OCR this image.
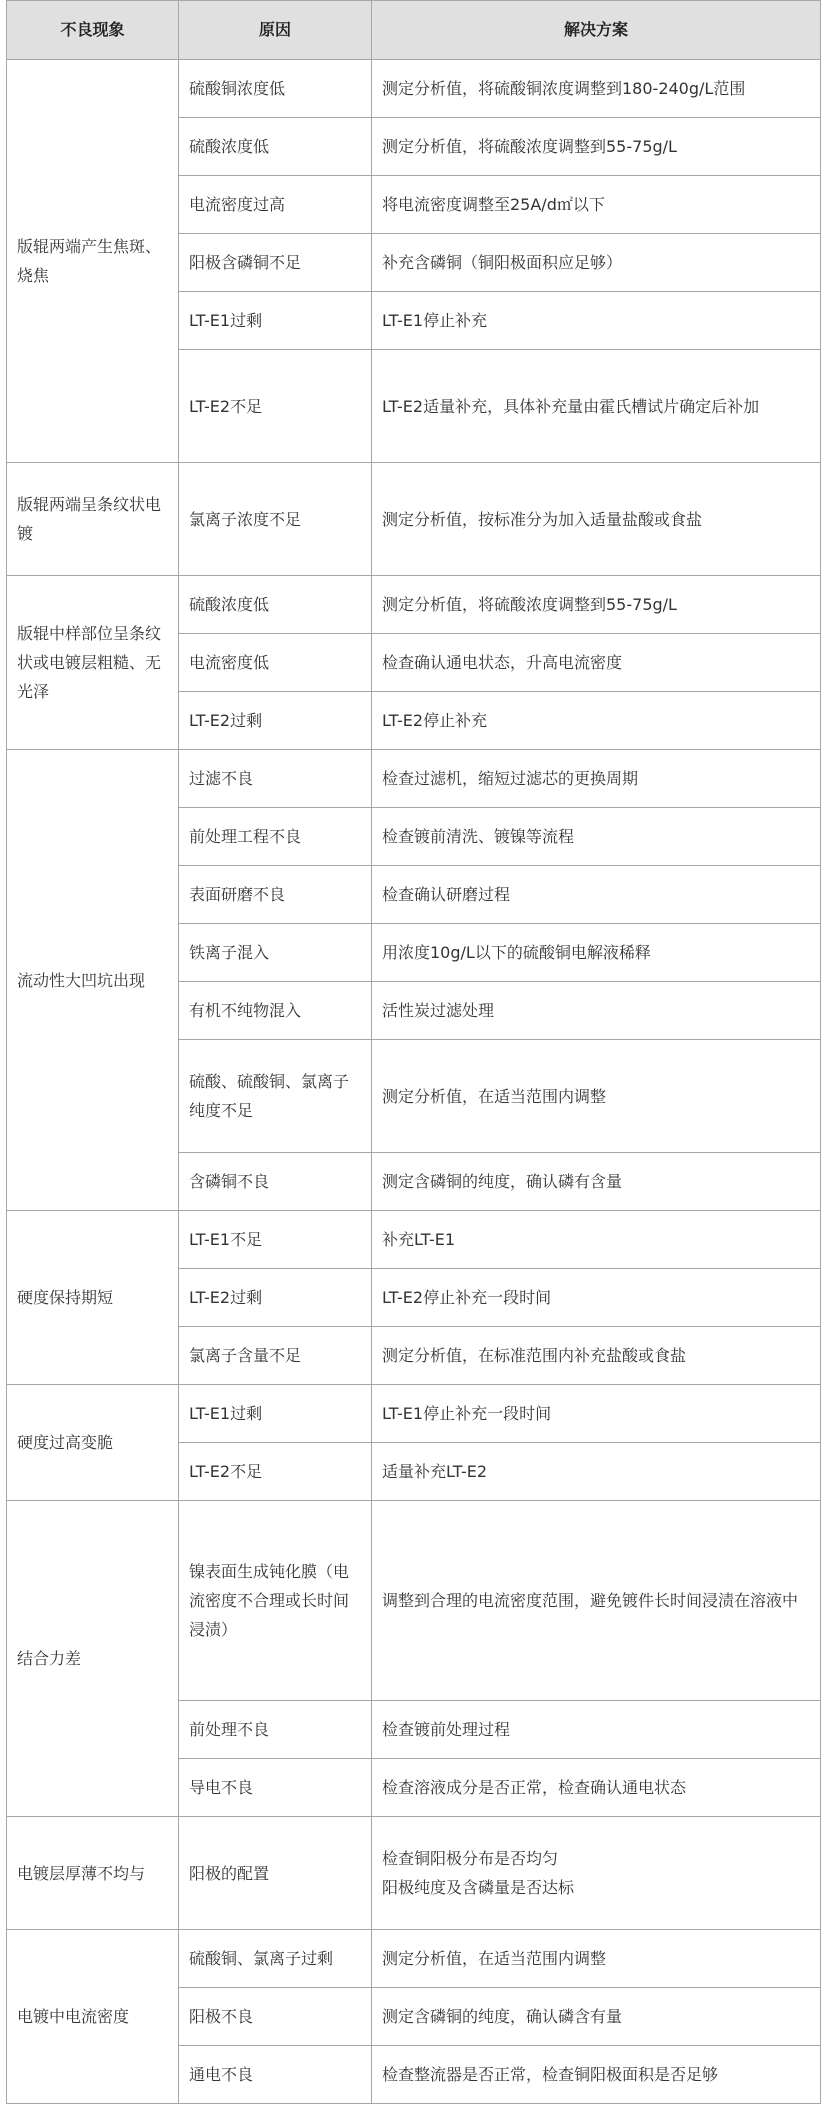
不良现象	原因	解决方案
版辊两端产生焦斑、烧焦	硫酸铜浓度低	测定分析值，将硫酸铜浓度调整到180-240g/L范围
	硫酸浓度低	测定分析值，将硫酸浓度调整到55-75g/L
	电流密度过高	将电流密度调整至25A/d㎡以下
	阳极含磷铜不足	补充含磷铜（铜阳极面积应足够）
	LT-E1过剩	LT-E1停止补充
	LT-E2不足	LT-E2适量补充，具体补充量由霍氏槽试片确定后补加
版辊两端呈条纹状电镀	氯离子浓度不足	测定分析值，按标准分为加入适量盐酸或食盐
版辊中样部位呈条纹状或电镀层粗糙、无光泽	硫酸浓度低	测定分析值，将硫酸浓度调整到55-75g/L
	电流密度低	检查确认通电状态，升高电流密度
	LT-E2过剩	LT-E2停止补充
流动性大凹坑出现	过滤不良	检查过滤机，缩短过滤芯的更换周期
	前处理工程不良	检查镀前清洗、镀镍等流程
	表面研磨不良	检查确认研磨过程
	铁离子混入	用浓度10g/L以下的硫酸铜电解液稀释
	有机不纯物混入	活性炭过滤处理
	硫酸、硫酸铜、氯离子纯度不足	测定分析值，在适当范围内调整
	含磷铜不良	测定含磷铜的纯度，确认磷有含量
硬度保持期短	LT-E1不足	补充LT-E1
	LT-E2过剩	LT-E2停止补充一段时间
	氯离子含量不足	测定分析值，在标准范围内补充盐酸或食盐
硬度过高变脆	LT-E1过剩	LT-E1停止补充一段时间
	LT-E2不足	适量补充LT-E2
结合力差	镍表面生成钝化膜（电流密度不合理或长时间浸渍）	调整到合理的电流密度范围，避免镀件长时间浸渍在溶液中
	前处理不良	检查镀前处理过程
	导电不良	检查溶液成分是否正常，检查确认通电状态
电镀层厚薄不均与	阳极的配置	检查铜阳极分布是否均匀
阳极纯度及含磷量是否达标
电镀中电流密度	硫酸铜、氯离子过剩	测定分析值，在适当范围内调整
	阳极不良	测定含磷铜的纯度，确认磷含有量
	通电不良	检查整流器是否正常，检查铜阳极面积是否足够
